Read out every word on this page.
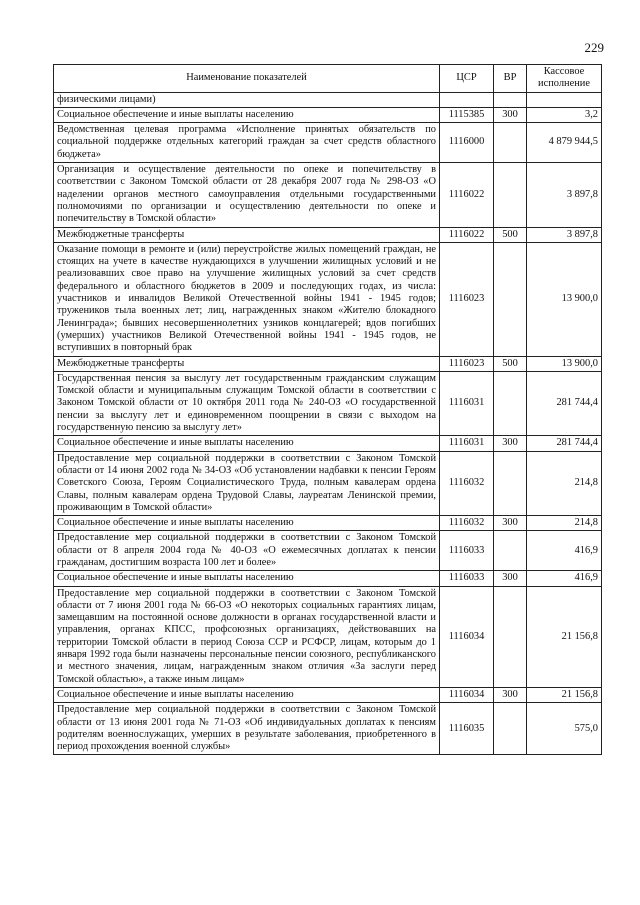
229
Наименование показателей	ЦСР	ВР	Кассовое исполнение
физическими лицами)			
Социальное обеспечение и иные выплаты населению	1115385	300	3,2
Ведомственная целевая программа «Исполнение принятых обязательств по социальной поддержке отдельных категорий граждан за счет средств областного бюджета»	1116000		4 879 944,5
Организация и осуществление деятельности по опеке и попечительству в соответствии с Законом Томской области от 28 декабря 2007 года № 298-ОЗ «О наделении органов местного самоуправления отдельными государственными полномочиями по организации и осуществлению деятельности по опеке и попечительству в Томской области»	1116022		3 897,8
Межбюджетные трансферты	1116022	500	3 897,8
Оказание помощи в ремонте и (или) переустройстве жилых помещений граждан, не стоящих на учете в качестве нуждающихся в улучшении жилищных условий и не реализовавших свое право на улучшение жилищных условий за счет средств федерального и областного бюджетов в 2009 и последующих годах, из числа: участников и инвалидов Великой Отечественной войны 1941 - 1945 годов; тружеников тыла военных лет; лиц, награжденных знаком «Жителю блокадного Ленинграда»; бывших несовершеннолетних узников концлагерей; вдов погибших (умерших) участников Великой Отечественной войны 1941 - 1945 годов, не вступивших в повторный брак	1116023		13 900,0
Межбюджетные трансферты	1116023	500	13 900,0
Государственная пенсия за выслугу лет государственным гражданским служащим Томской области и муниципальным служащим Томской области в соответствии с Законом Томской области от 10 октября 2011 года № 240-ОЗ «О государственной пенсии за выслугу лет и единовременном поощрении в связи с выходом на государственную пенсию за выслугу лет»	1116031		281 744,4
Социальное обеспечение и иные выплаты населению	1116031	300	281 744,4
Предоставление мер социальной поддержки в соответствии с Законом Томской области от 14 июня 2002 года № 34-ОЗ «Об установлении надбавки к пенсии Героям Советского Союза, Героям Социалистического Труда, полным кавалерам ордена Славы, полным кавалерам ордена Трудовой Славы, лауреатам Ленинской премии, проживающим в Томской области»	1116032		214,8
Социальное обеспечение и иные выплаты населению	1116032	300	214,8
Предоставление мер социальной поддержки в соответствии с Законом Томской области от 8 апреля 2004 года № 40-ОЗ «О ежемесячных доплатах к пенсии гражданам, достигшим возраста 100 лет и более»	1116033		416,9
Социальное обеспечение и иные выплаты населению	1116033	300	416,9
Предоставление мер социальной поддержки в соответствии с Законом Томской области от 7 июня 2001 года № 66-ОЗ «О некоторых социальных гарантиях лицам, замещавшим на постоянной основе должности в органах государственной власти и управления, органах КПСС, профсоюзных организациях, действовавших на территории Томской области в период Союза ССР и РСФСР, лицам, которым до 1 января 1992 года были назначены персональные пенсии союзного, республиканского и местного значения, лицам, награжденным знаком отличия «За заслуги перед Томской областью», а также иным лицам»	1116034		21 156,8
Социальное обеспечение и иные выплаты населению	1116034	300	21 156,8
Предоставление мер социальной поддержки в соответствии с Законом Томской области от 13 июня 2001 года № 71-ОЗ «Об индивидуальных доплатах к пенсиям родителям военнослужащих, умерших в результате заболевания, приобретенного в период прохождения военной службы»	1116035		575,0
